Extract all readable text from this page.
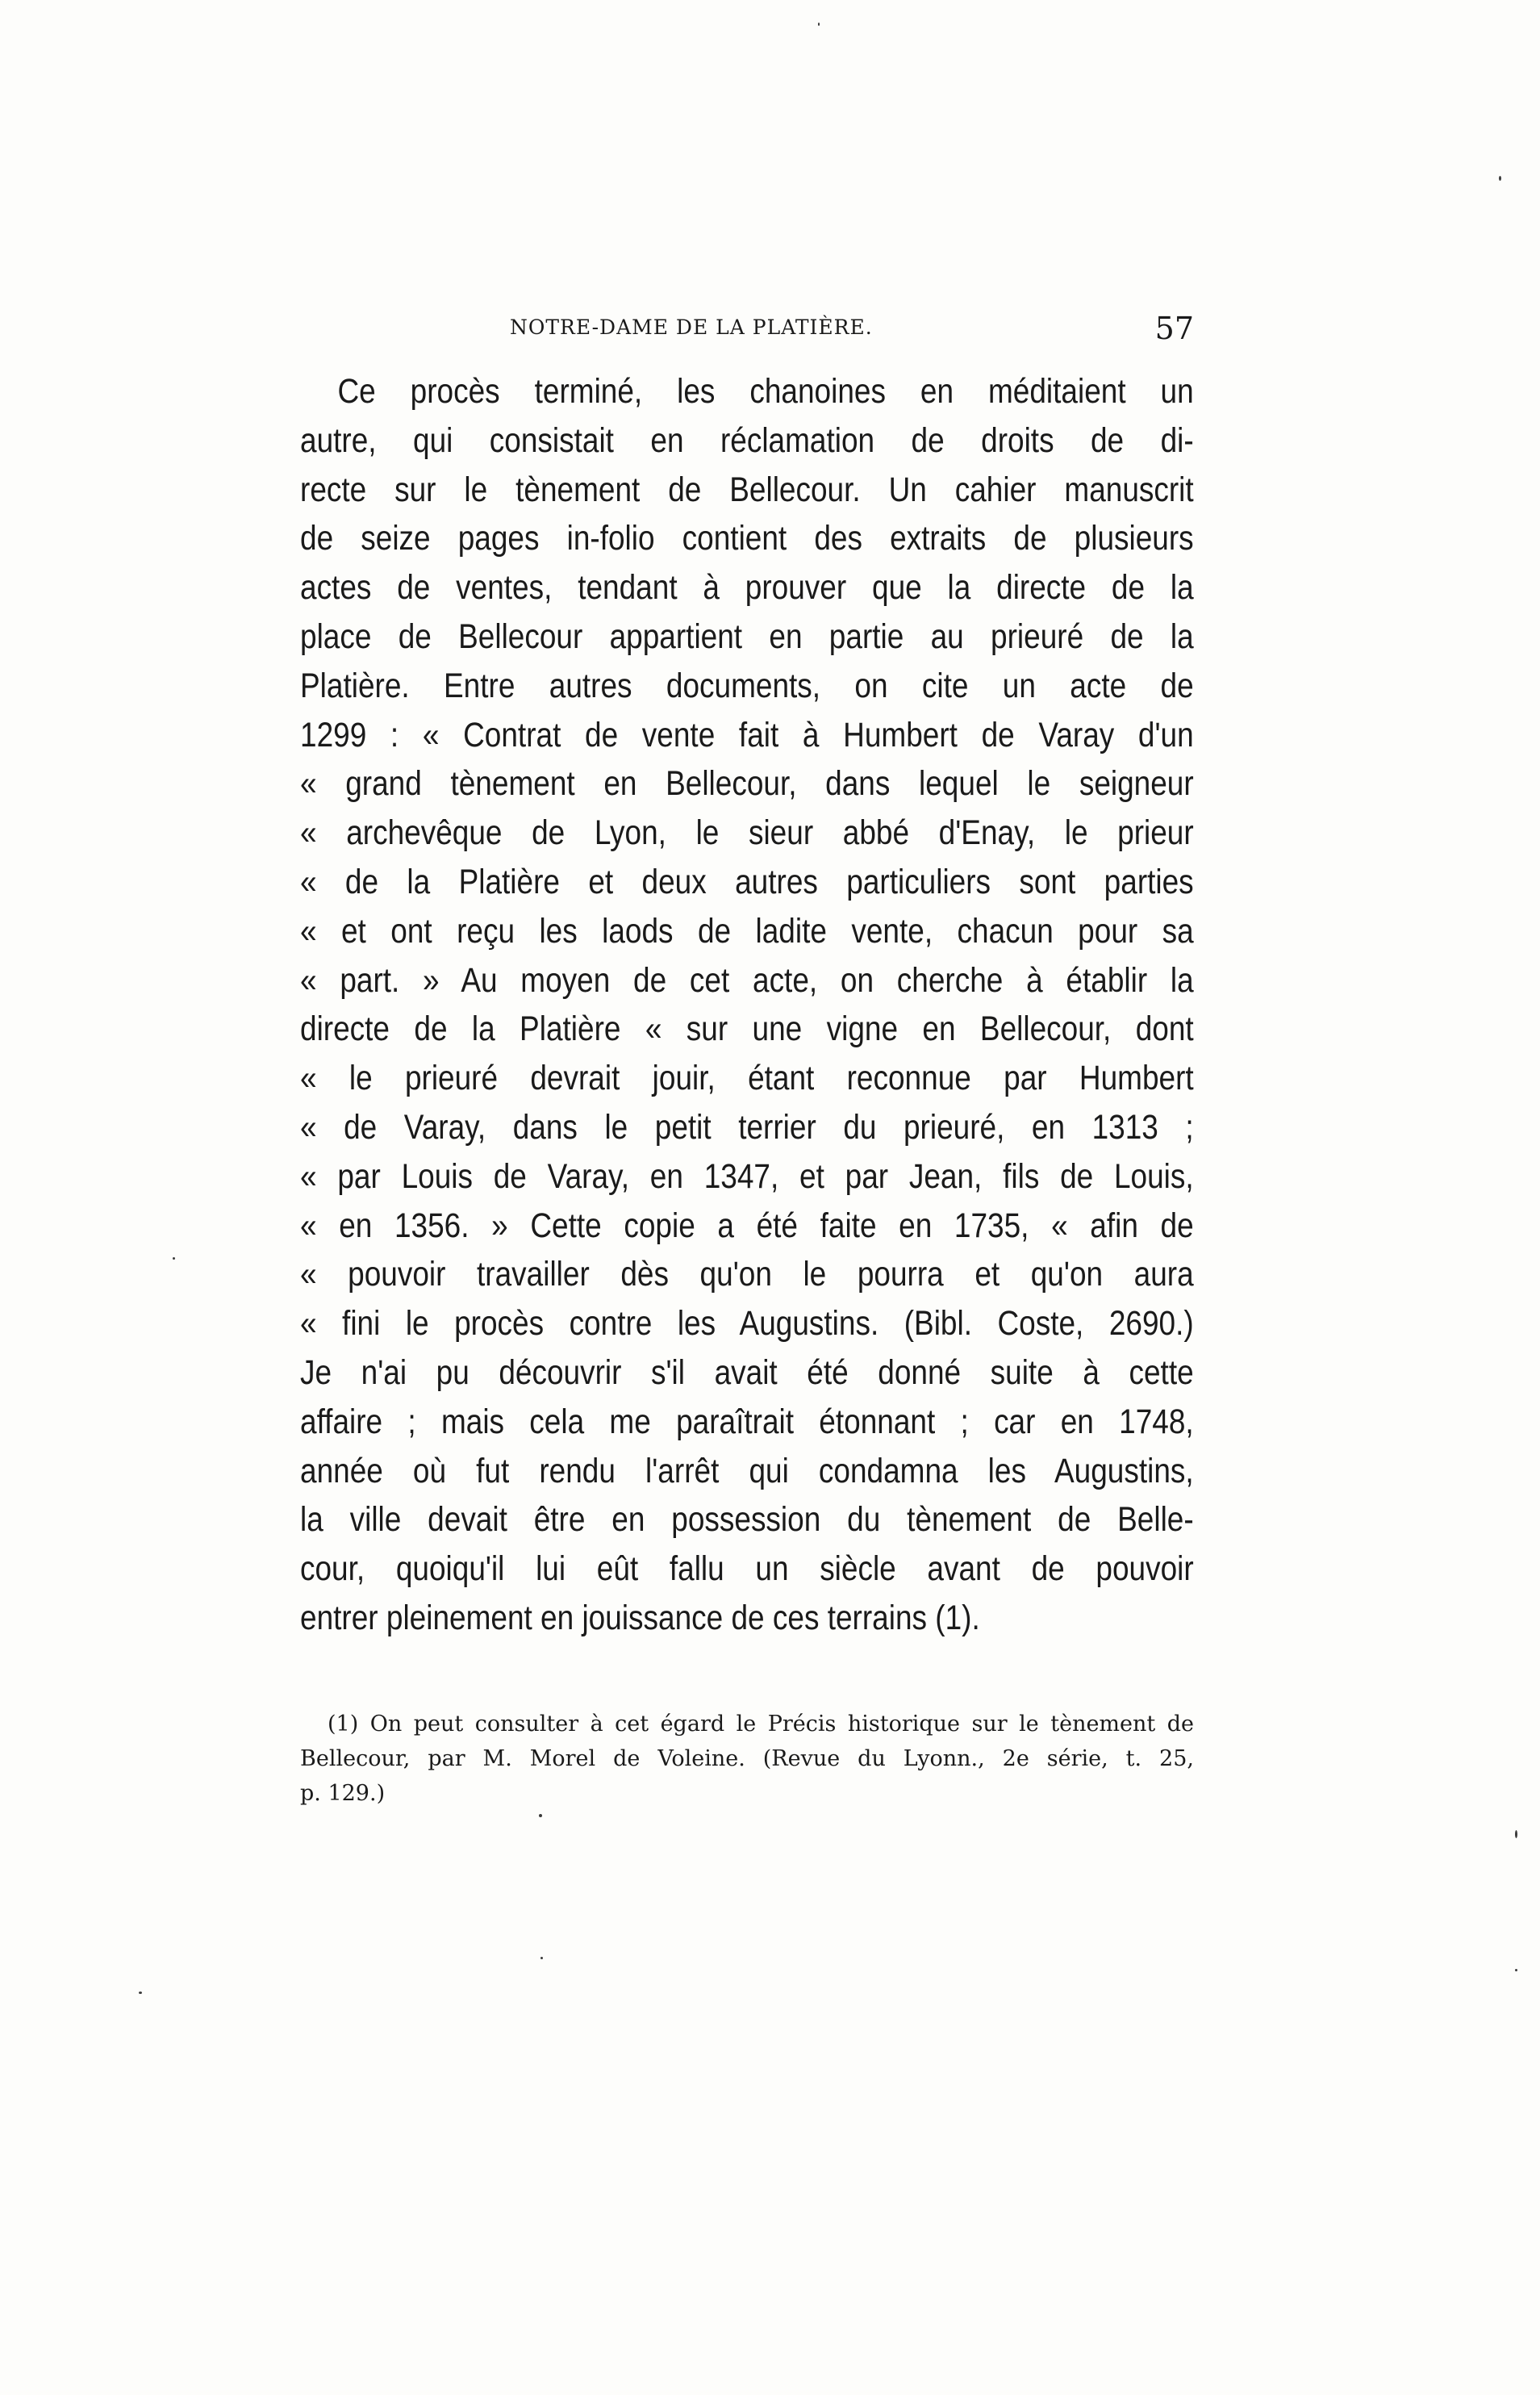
NOTRE-DAME DE LA PLATIÈRE.	57
Ce procès terminé, les chanoines en méditaient un
autre, qui consistait en réclamation de droits de di-
recte sur le tènement de Bellecour. Un cahier manuscrit
de seize pages in-folio contient des extraits de plusieurs
actes de ventes, tendant à prouver que la directe de la
place de Bellecour appartient en partie au prieuré de la
Platière. Entre autres documents, on cite un acte de
1299 : « Contrat de vente fait à Humbert de Varay d'un
« grand tènement en Bellecour, dans lequel le seigneur
« archevêque de Lyon, le sieur abbé d'Enay, le prieur
« de la Platière et deux autres particuliers sont parties
« et ont reçu les laods de ladite vente, chacun pour sa
« part. » Au moyen de cet acte, on cherche à établir la
directe de la Platière « sur une vigne en Bellecour, dont
« le prieuré devrait jouir, étant reconnue par Humbert
« de Varay, dans le petit terrier du prieuré, en 1313 ;
« par Louis de Varay, en 1347, et par Jean, fils de Louis,
« en 1356. » Cette copie a été faite en 1735, « afin de
« pouvoir travailler dès qu'on le pourra et qu'on aura
« fini le procès contre les Augustins. (Bibl. Coste, 2690.)
Je n'ai pu découvrir s'il avait été donné suite à cette
affaire ; mais cela me paraîtrait étonnant ; car en 1748,
année où fut rendu l'arrêt qui condamna les Augustins,
la ville devait être en possession du tènement de Belle-
cour, quoiqu'il lui eût fallu un siècle avant de pouvoir
entrer pleinement en jouissance de ces terrains (1).
(1) On peut consulter à cet égard le Précis historique sur le tènement de
Bellecour, par M. Morel de Voleine. (Revue du Lyonn., 2e série, t. 25,
p. 129.)
